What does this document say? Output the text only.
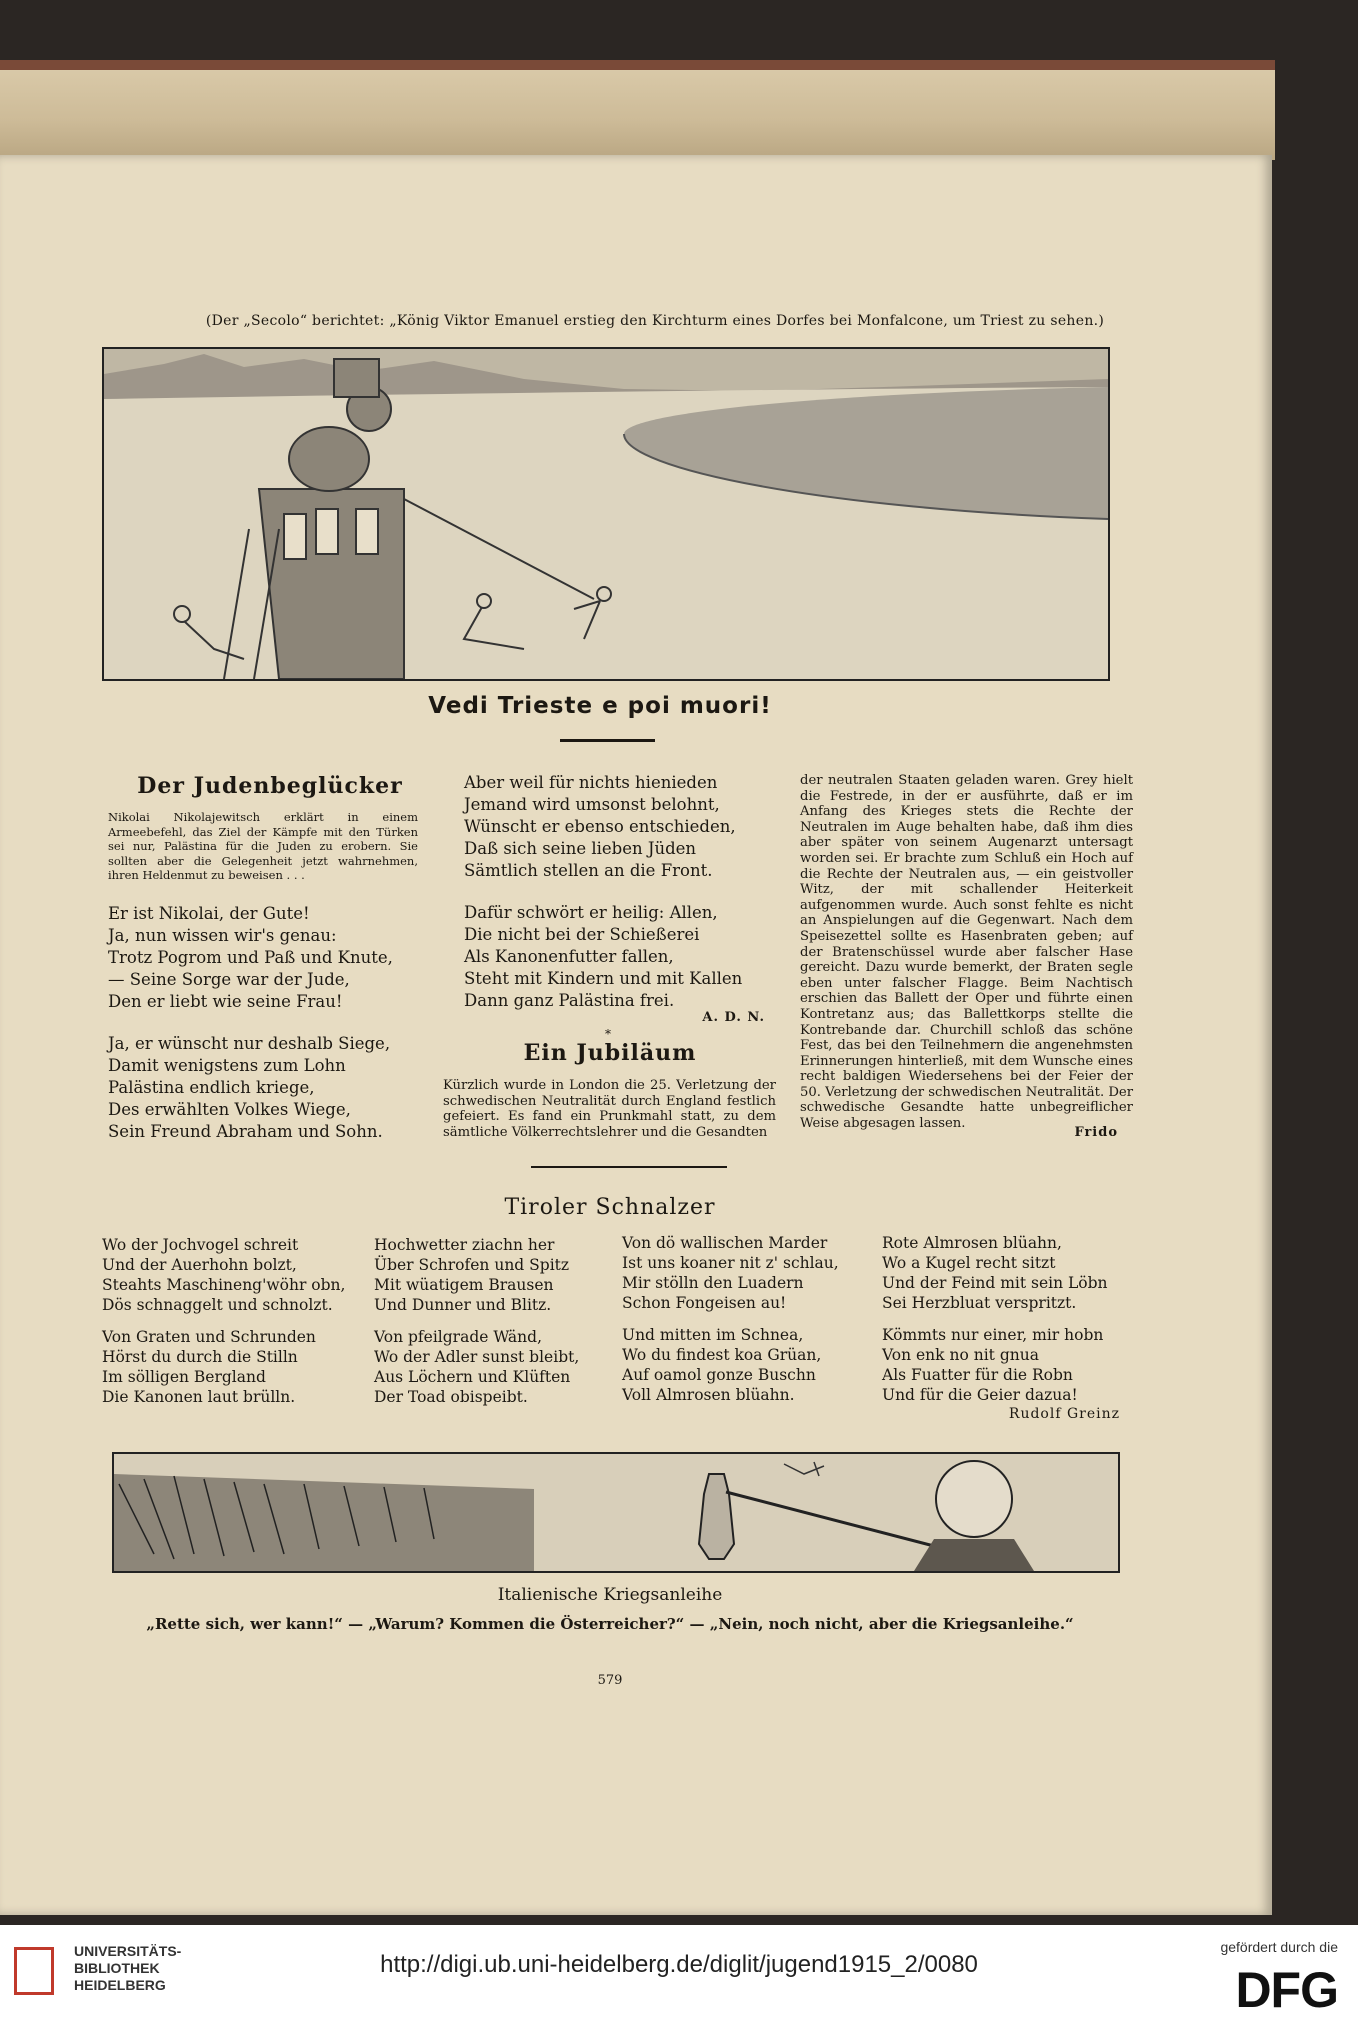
(Der „Secolo“ berichtet: „König Viktor Emanuel erstieg den Kirchturm eines Dorfes bei Monfalcone, um Triest zu sehen.)
Vedi Trieste e poi muori!
Der Judenbeglücker
Nikolai Nikolajewitsch erklärt in einem Armeebefehl, das Ziel der Kämpfe mit den Türken sei nur, Palästina für die Juden zu erobern. Sie sollten aber die Gelegenheit jetzt wahrnehmen, ihren Heldenmut zu beweisen . . .
Er ist Nikolai, der Gute!
Ja, nun wissen wir's genau:
Trotz Pogrom und Paß und Knute,
— Seine Sorge war der Jude,
Den er liebt wie seine Frau!
Ja, er wünscht nur deshalb Siege,
Damit wenigstens zum Lohn
Palästina endlich kriege,
Des erwählten Volkes Wiege,
Sein Freund Abraham und Sohn.
Aber weil für nichts hienieden
Jemand wird umsonst belohnt,
Wünscht er ebenso entschieden,
Daß sich seine lieben Jüden
Sämtlich stellen an die Front.
Dafür schwört er heilig: Allen,
Die nicht bei der Schießerei
Als Kanonenfutter fallen,
Steht mit Kindern und mit Kallen
Dann ganz Palästina frei.
A. D. N.
*
Ein Jubiläum
Kürzlich wurde in London die 25. Verletzung der schwedischen Neutralität durch England festlich gefeiert. Es fand ein Prunkmahl statt, zu dem sämtliche Völkerrechtslehrer und die Gesandten
der neutralen Staaten geladen waren. Grey hielt die Festrede, in der er ausführte, daß er im Anfang des Krieges stets die Rechte der Neutralen im Auge behalten habe, daß ihm dies aber später von seinem Augenarzt untersagt worden sei. Er brachte zum Schluß ein Hoch auf die Rechte der Neutralen aus, — ein geistvoller Witz, der mit schallender Heiterkeit aufgenommen wurde. Auch sonst fehlte es nicht an Anspielungen auf die Gegenwart. Nach dem Speisezettel sollte es Hasenbraten geben; auf der Bratenschüssel wurde aber falscher Hase gereicht. Dazu wurde bemerkt, der Braten segle eben unter falscher Flagge. Beim Nachtisch erschien das Ballett der Oper und führte einen Kontretanz aus; das Ballettkorps stellte die Kontrebande dar. Churchill schloß das schöne Fest, das bei den Teilnehmern die angenehmsten Erinnerungen hinterließ, mit dem Wunsche eines recht baldigen Wiedersehens bei der Feier der 50. Verletzung der schwedischen Neutralität. Der schwedische Gesandte hatte unbegreiflicher Weise abgesagen lassen.
Frido
Tiroler Schnalzer
Wo der Jochvogel schreit
Und der Auerhohn bolzt,
Steahts Maschineng'wöhr obn,
Dös schnaggelt und schnolzt.
Von Graten und Schrunden
Hörst du durch die Stilln
Im sölligen Bergland
Die Kanonen laut brülln.
Hochwetter ziachn her
Über Schrofen und Spitz
Mit wüatigem Brausen
Und Dunner und Blitz.
Von pfeilgrade Wänd,
Wo der Adler sunst bleibt,
Aus Löchern und Klüften
Der Toad obispeibt.
Von dö wallischen Marder
Ist uns koaner nit z' schlau,
Mir stölln den Luadern
Schon Fongeisen au!
Und mitten im Schnea,
Wo du findest koa Grüan,
Auf oamol gonze Buschn
Voll Almrosen blüahn.
Rote Almrosen blüahn,
Wo a Kugel recht sitzt
Und der Feind mit sein Löbn
Sei Herzbluat verspritzt.
Kömmts nur einer, mir hobn
Von enk no nit gnua
Als Fuatter für die Robn
Und für die Geier dazua!
Rudolf Greinz
Italienische Kriegsanleihe
„Rette sich, wer kann!“ — „Warum? Kommen die Österreicher?“ — „Nein, noch nicht, aber die Kriegsanleihe.“
579
UNIVERSITÄTS-
BIBLIOTHEK
HEIDELBERG
http://digi.ub.uni-heidelberg.de/diglit/jugend1915_2/0080
gefördert durch die
DFG
